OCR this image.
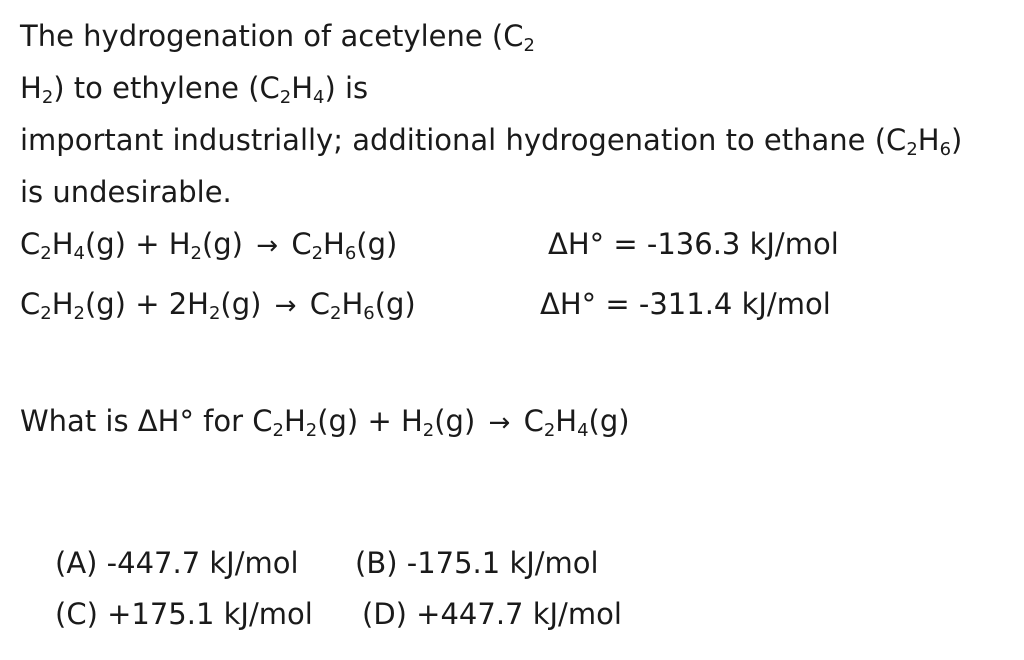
The hydrogenation of acetylene ($C_2$
$H_2$) to ethylene $(C_2H_4)$ is
important industrially; additional hydrogenation to ethane $(C_2H_6)$
is undesirable.
$C_2H_4(g) + H_2(g) \to C_2H_6(g)$	ΔH° = -136.3 kJ/mol
$C_2H_2(g) + 2H_2(g) \to C_2H_6(g)$	ΔH° = -311.4 kJ/mol
What is ΔH° for $C_2H_2(g) + H_2(g) \to C_2H_4(g)$
(A) -447.7 kJ/mol (B) -175.1 kJ/mol
(C) +175.1 kJ/mol (D) +447.7 kJ/mol
